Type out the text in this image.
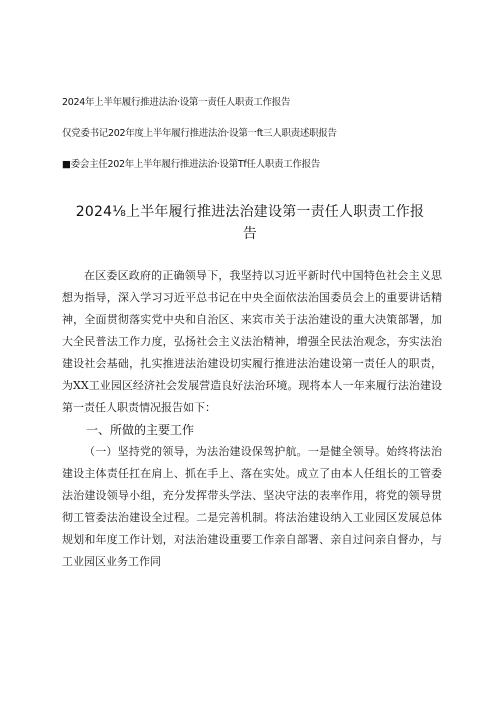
2024年上半年履行推进法治·设第一责任人职责工作报告
仅党委书记202年度上半年履行推进法治·设第一ft三人职责述职报告
■委会主任202年上半年履行推进法治·设第Tf任人职责工作报告
2024⅛上半年履行推进法治建设第一责任人职责工作报告

在区委区政府的正确领导下，我坚持以习近平新时代中国特色社会主义思想为指导，深入学习习近平总书记在中央全面依法治国委员会上的重要讲话精神，全面贯彻落实党中央和自治区、来宾市关于法治建设的重大决策部署，加大全民普法工作力度，弘扬社会主义法治精神，增强全民法治观念，夯实法治建设社会基础，扎实推进法治建设切实履行推进法治建设第一责任人的职责，为XX工业园区经济社会发展营造良好法治环境。现将本人一年来履行法治建设第一责任人职责情况报告如下：

一、所做的主要工作

（一）坚持党的领导，为法治建设保驾护航。一是健全领导。始终将法治建设主体责任扛在肩上、抓在手上、落在实处。成立了由本人任组长的工管委法治建设领导小组，充分发挥带头学法、坚决守法的表率作用，将党的领导贯彻工管委法治建设全过程。二是完善机制。将法治建设纳入工业园区发展总体规划和年度工作计划，对法治建设重要工作亲自部署、亲自过问亲自督办，与工业园区业务工作同
